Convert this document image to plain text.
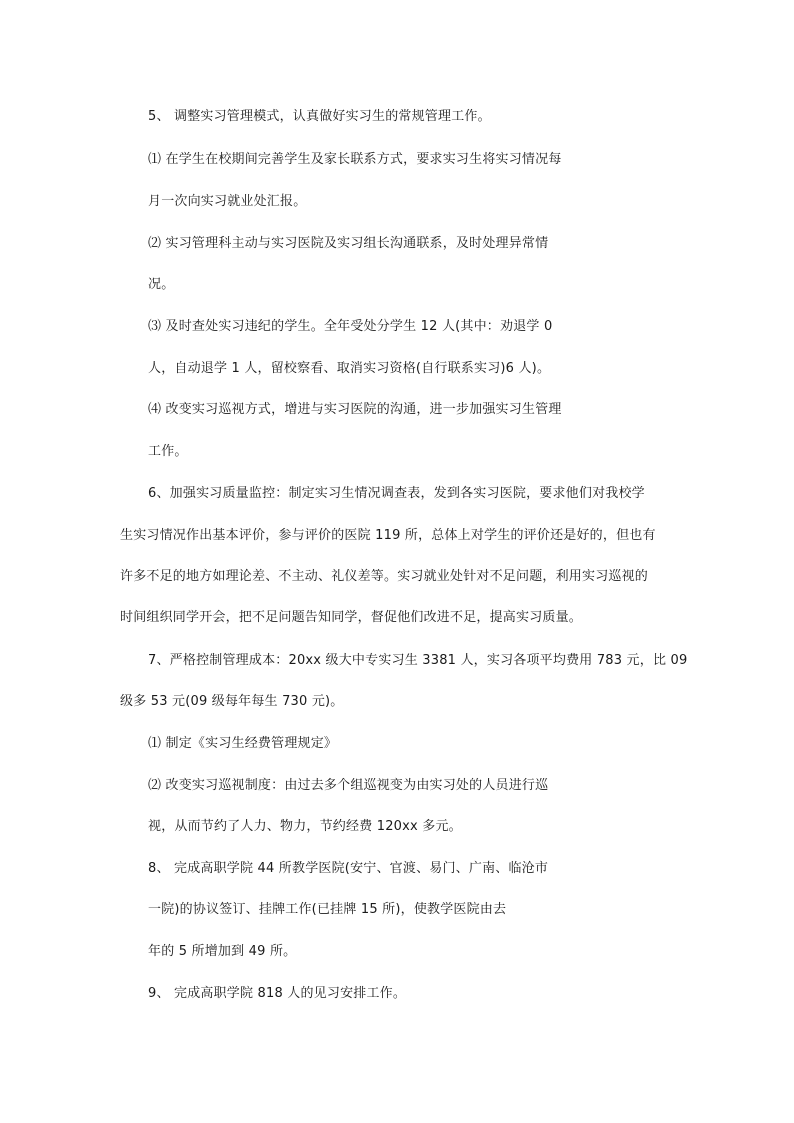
5、 调整实习管理模式，认真做好实习生的常规管理工作。
⑴ 在学生在校期间完善学生及家长联系方式，要求实习生将实习情况每
月一次向实习就业处汇报。
⑵ 实习管理科主动与实习医院及实习组长沟通联系，及时处理异常情
况。
⑶ 及时查处实习违纪的学生。全年受处分学生 12 人(其中：劝退学 0
人，自动退学 1 人，留校察看、取消实习资格(自行联系实习)6 人)。
⑷ 改变实习巡视方式，增进与实习医院的沟通，进一步加强实习生管理
工作。
6、加强实习质量监控：制定实习生情况调查表，发到各实习医院，要求他们对我校学
生实习情况作出基本评价，参与评价的医院 119 所，总体上对学生的评价还是好的，但也有
许多不足的地方如理论差、不主动、礼仪差等。实习就业处针对不足问题，利用实习巡视的
时间组织同学开会，把不足问题告知同学，督促他们改进不足，提高实习质量。
7、严格控制管理成本：20xx 级大中专实习生 3381 人，实习各项平均费用 783 元，比 09
级多 53 元(09 级每年每生 730 元)。
⑴ 制定《实习生经费管理规定》
⑵ 改变实习巡视制度：由过去多个组巡视变为由实习处的人员进行巡
视，从而节约了人力、物力，节约经费 120xx 多元。
8、 完成高职学院 44 所教学医院(安宁、官渡、易门、广南、临沧市
一院)的协议签订、挂牌工作(已挂牌 15 所)，使教学医院由去
年的 5 所增加到 49 所。
9、 完成高职学院 818 人的见习安排工作。
